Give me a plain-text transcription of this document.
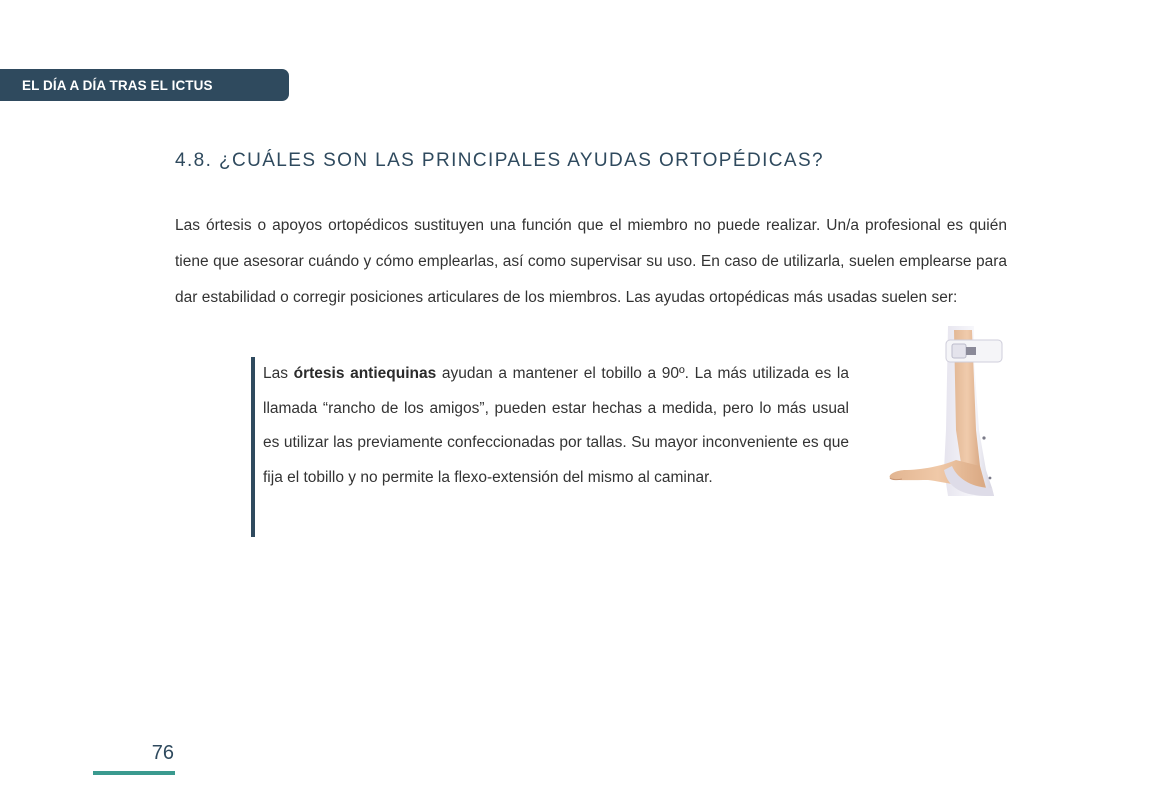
EL DÍA A DÍA TRAS EL ICTUS
4.8. ¿CUÁLES SON LAS PRINCIPALES AYUDAS ORTOPÉDICAS?

Las órtesis o apoyos ortopédicos sustituyen una función que el miembro no puede realizar. Un/a profesional es quién tiene que asesorar cuándo y cómo emplearlas, así como supervisar su uso. En caso de utilizarla, suelen emplearse para dar estabilidad o corregir posiciones articulares de los miembros. Las ayudas ortopédicas más usadas suelen ser:

Las órtesis antiequinas ayudan a mantener el tobillo a 90º. La más utilizada es la llamada “rancho de los amigos”, pueden estar hechas a medida, pero lo más usual es utilizar las previamente confeccionadas por tallas. Su mayor inconveniente es que fija el tobillo y no permite la flexo-extensión del mismo al caminar.

76
